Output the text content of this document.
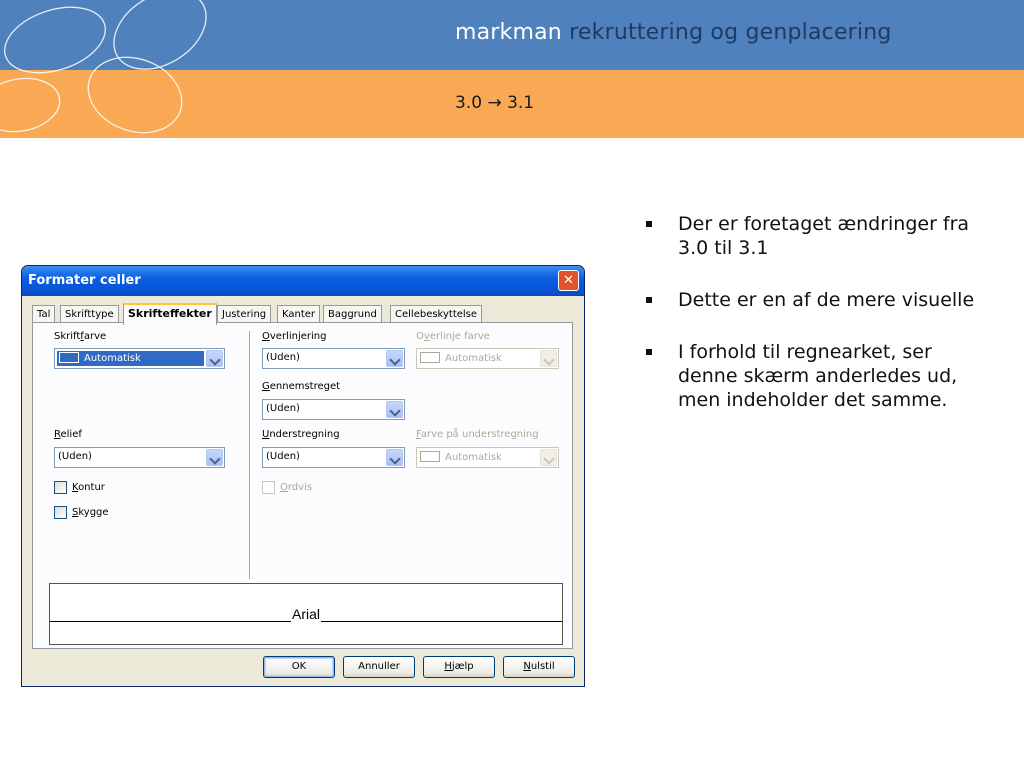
markman rekruttering og genplacering
3.0 → 3.1
Der er foretaget ændringer fra 3.0 til 3.1
Dette er en af de mere visuelle
I forhold til regnearket, ser denne skærm anderledes ud, men indeholder det samme.
Formater celler	✕
Tal	Skrifttype	Skrifteffekter	Justering	Kanter	Baggrund	Cellebeskyttelse
Skriftfarve
Automatisk
Relief
(Uden)
Kontur
Skygge
Overlinjering
(Uden)
Gennemstreget
(Uden)
Understregning
(Uden)
Ordvis
Overlinje farve
Automatisk
Farve på understregning
Automatisk
Arial
OK	Annuller	Hjælp	Nulstil
